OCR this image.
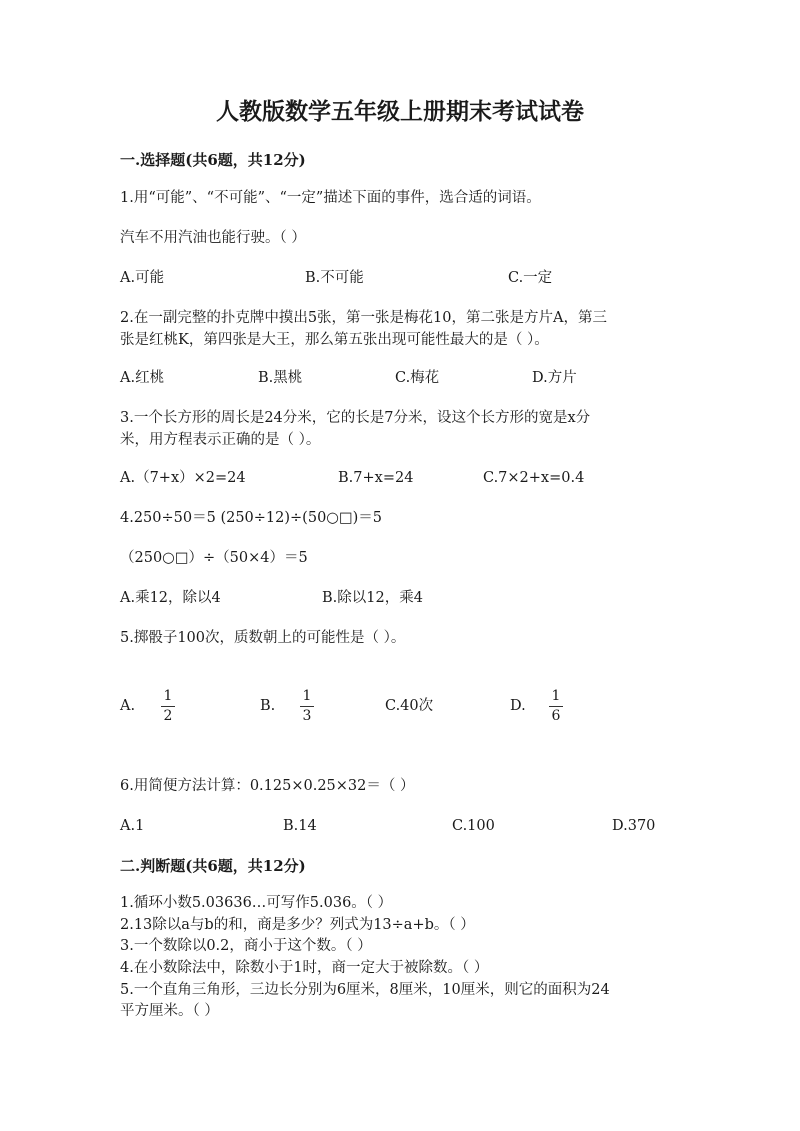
人教版数学五年级上册期末考试试卷
一.选择题(共6题，共12分)
1.用“可能”、“不可能”、“一定”描述下面的事件，选合适的词语。
汽车不用汽油也能行驶。（ ）
A.可能	B.不可能	C.一定
2.在一副完整的扑克牌中摸出5张，第一张是梅花10，第二张是方片A，第三
张是红桃K，第四张是大王，那么第五张出现可能性最大的是（ ）。
A.红桃	B.黑桃	C.梅花	D.方片
3.一个长方形的周长是24分米，它的长是7分米，设这个长方形的宽是x分
米，用方程表示正确的是（ ）。
A.（7+x）×2=24	B.7+x=24	C.7×2+x=0.4
4.250÷50＝5 (250÷12)÷(50○□)＝5
（250○□）÷（50×4）＝5
A.乘12，除以4	B.除以12，乘4
5.掷骰子100次，质数朝上的可能性是（ ）。
A.
1
2
B.
1
3
C.40次	D.
1
6
6.用简便方法计算：0.125×0.25×32＝（ ）
A.1	B.14	C.100	D.370
二.判断题(共6题，共12分)
1.循环小数5.03636…可写作5.036。（ ）
2.13除以a与b的和，商是多少？列式为13÷a+b。（ ）
3.一个数除以0.2，商小于这个数。（ ）
4.在小数除法中，除数小于1时，商一定大于被除数。（ ）
5.一个直角三角形，三边长分别为6厘米，8厘米，10厘米，则它的面积为24
平方厘米。（ ）
